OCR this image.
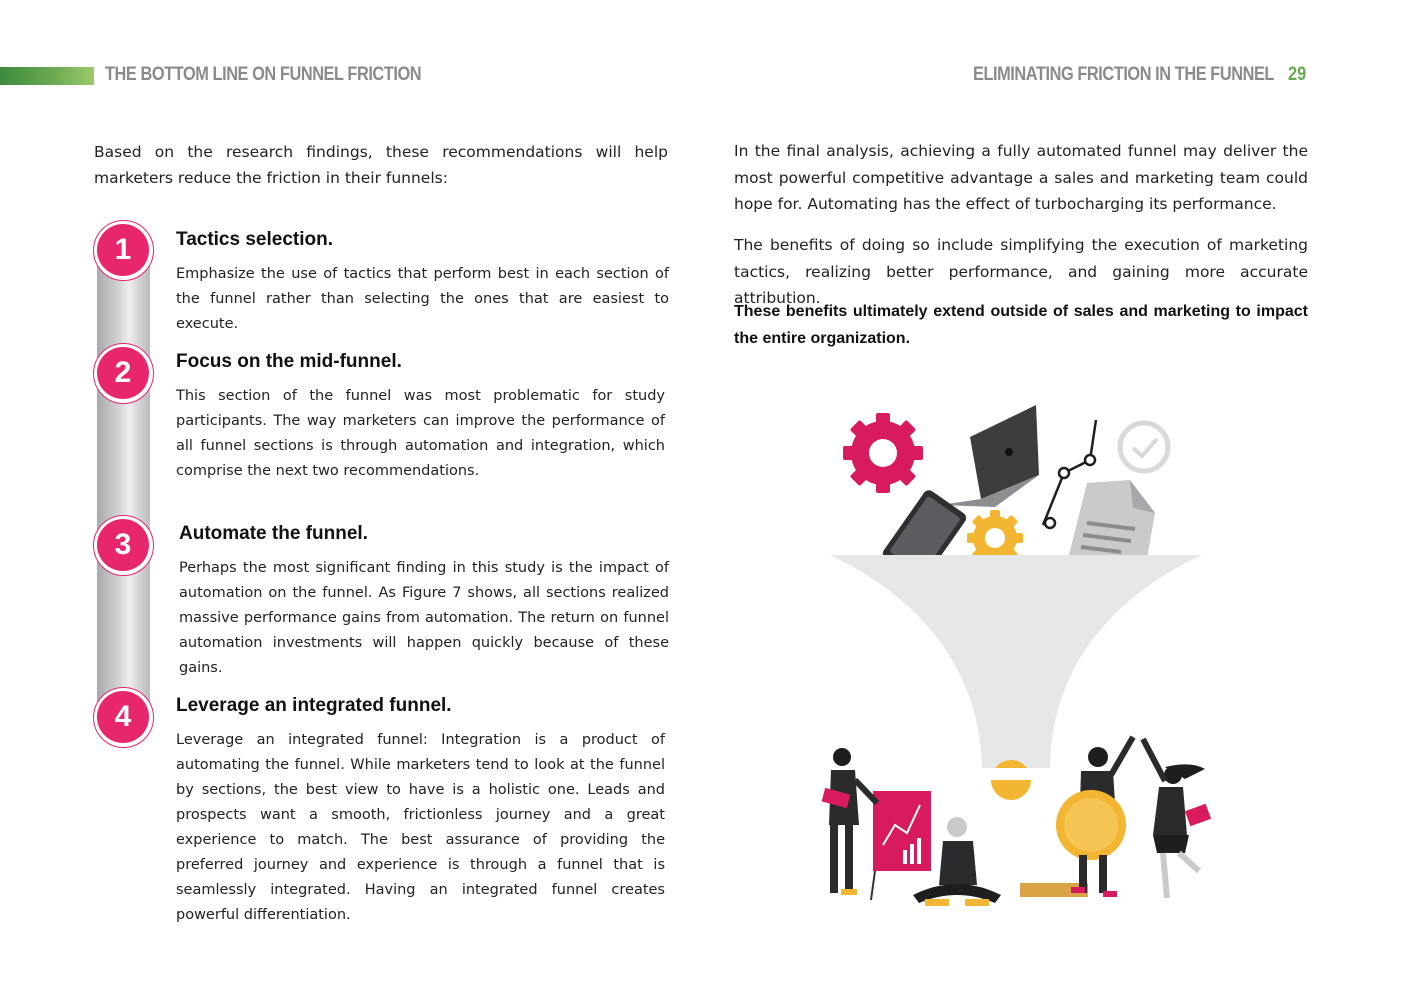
THE BOTTOM LINE ON FUNNEL FRICTION	ELIMINATING FRICTION IN THE FUNNEL 29

Based on the research findings, these recommendations will help marketers reduce the friction in their funnels:

1
2
3
4
Tactics selection.

Emphasize the use of tactics that perform best in each section of the funnel rather than selecting the ones that are easiest to execute.

Focus on the mid-funnel.

This section of the funnel was most problematic for study participants. The way marketers can improve the performance of all funnel sections is through automation and integration, which comprise the next two recommendations.

Automate the funnel.

Perhaps the most significant finding in this study is the impact of automation on the funnel. As Figure 7 shows, all sections realized massive performance gains from automation. The return on funnel automation investments will happen quickly because of these gains.

Leverage an integrated funnel.

Leverage an integrated funnel: Integration is a product of automating the funnel. While marketers tend to look at the funnel by sections, the best view to have is a holistic one. Leads and prospects want a smooth, frictionless journey and a great experience to match. The best assurance of providing the preferred journey and experience is through a funnel that is seamlessly integrated. Having an integrated funnel creates powerful differentiation.

In the final analysis, achieving a fully automated funnel may deliver the most powerful competitive advantage a sales and marketing team could hope for. Automating has the effect of turbocharging its performance.

The benefits of doing so include simplifying the execution of marketing tactics, realizing better performance, and gaining more accurate attribution.

These benefits ultimately extend outside of sales and marketing to impact the entire organization.
